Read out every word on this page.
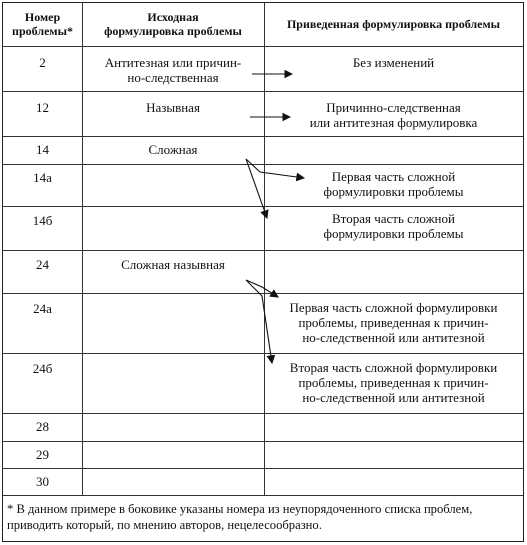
Номер
проблемы*
Исходная
формулировка проблемы	Приведенная формулировка проблемы
2
12
14
14а
14б
24
24а
24б
28
29
30
Антитезная или причин-
но-следственная
Назывная
Сложная
Сложная назывная
Без изменений
Причинно-следственная
или антитезная формулировка
Первая часть сложной
формулировки проблемы
Вторая часть сложной
формулировки проблемы
Первая часть сложной формулировки
проблемы, приведенная к причин-
но-следственной или антитезной
Вторая часть сложной формулировки
проблемы, приведенная к причин-
но-следственной или антитезной
* В данном примере в боковике указаны номера из неупорядоченного списка проблем, приводить который, по мнению авторов, нецелесообразно.
